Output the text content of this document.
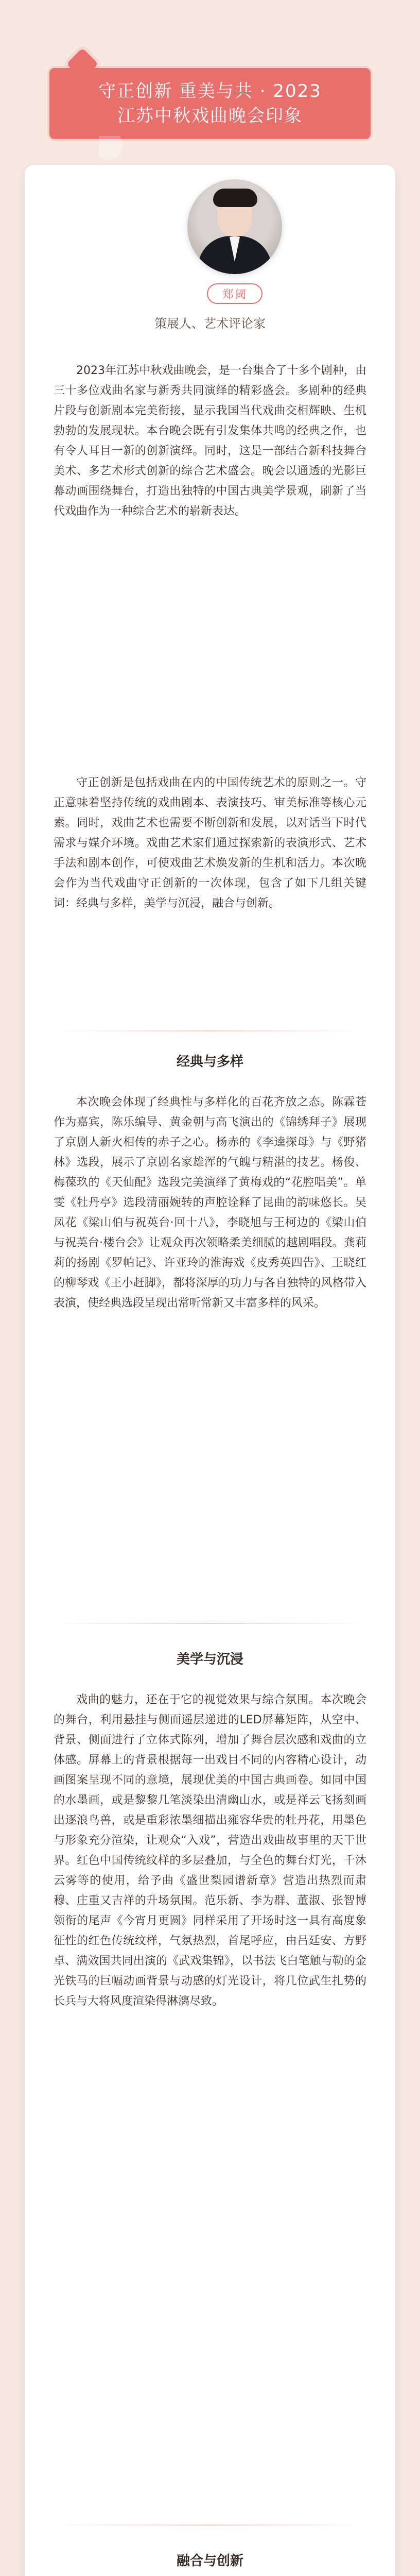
守正创新 重美与共 · 2023
江苏中秋戏曲晚会印象
郑阈
策展人、艺术评论家
2023年江苏中秋戏曲晚会，是一台集合了十多个剧种，由三十多位戏曲名家与新秀共同演绎的精彩盛会。多剧种的经典片段与创新剧本完美衔接，显示我国当代戏曲交相辉映、生机勃勃的发展现状。本台晚会既有引发集体共鸣的经典之作，也有令人耳目一新的创新演绎。同时，这是一部结合新科技舞台美术、多艺术形式创新的综合艺术盛会。晚会以通透的光影巨幕动画围绕舞台，打造出独特的中国古典美学景观，刷新了当代戏曲作为一种综合艺术的崭新表达。
守正创新是包括戏曲在内的中国传统艺术的原则之一。守正意味着坚持传统的戏曲剧本、表演技巧、审美标准等核心元素。同时，戏曲艺术也需要不断创新和发展，以对话当下时代需求与媒介环境。戏曲艺术家们通过探索新的表演形式、艺术手法和剧本创作，可使戏曲艺术焕发新的生机和活力。本次晚会作为当代戏曲守正创新的一次体现，包含了如下几组关键词：经典与多样，美学与沉浸，融合与创新。
经典与多样
本次晚会体现了经典性与多样化的百花齐放之态。陈霖苍作为嘉宾，陈乐编导、黄金朝与高飞演出的《锦绣拜子》展现了京剧人新火相传的赤子之心。杨赤的《李逵探母》与《野猪林》选段，展示了京剧名家雄浑的气魄与精湛的技艺。杨俊、梅葆玖的《天仙配》选段完美演绎了黄梅戏的“花腔唱美”。单雯《牡丹亭》选段清丽婉转的声腔诠释了昆曲的韵味悠长。吴凤花《梁山伯与祝英台·回十八》，李晓旭与王柯边的《梁山伯与祝英台·楼台会》让观众再次领略柔美细腻的越剧唱段。龚莉莉的扬剧《罗帕记》、许亚玲的淮海戏《皮秀英四告》、王晓红的柳琴戏《王小赶脚》，都将深厚的功力与各自独特的风格带入表演，使经典选段呈现出常听常新又丰富多样的风采。
美学与沉浸
戏曲的魅力，还在于它的视觉效果与综合氛围。本次晚会的舞台，利用悬挂与侧面遥层递进的LED屏幕矩阵，从空中、背景、侧面进行了立体式陈列，增加了舞台层次感和戏曲的立体感。屏幕上的背景根据每一出戏目不同的内容精心设计，动画图案呈现不同的意境，展现优美的中国古典画卷。如同中国的水墨画，或是黎黎几笔淡染出清幽山水，或是祥云飞扬刻画出逐浪鸟兽，或是重彩浓墨细描出雍容华贵的牡丹花，用墨色与形象充分渲染，让观众“入戏”，营造出戏曲故事里的天干世界。红色中国传统纹样的多层叠加，与全色的舞台灯光，千沐云雾等的使用，给予曲《盛世梨园谱新章》营造出热烈而肃穆、庄重又吉祥的升场氛围。范乐新、李为群、董淑、张智博领衔的尾声《今宵月更圆》同样采用了开场时这一具有高度象征性的红色传统纹样，气氛热烈，首尾呼应，由吕廷安、方野卓、满效国共同出演的《武戏集锦》，以书法飞白笔触与勒的金光铁马的巨幅动画背景与动感的灯光设计，将几位武生扎势的长兵与大将风度渲染得淋漓尽致。
融合与创新
